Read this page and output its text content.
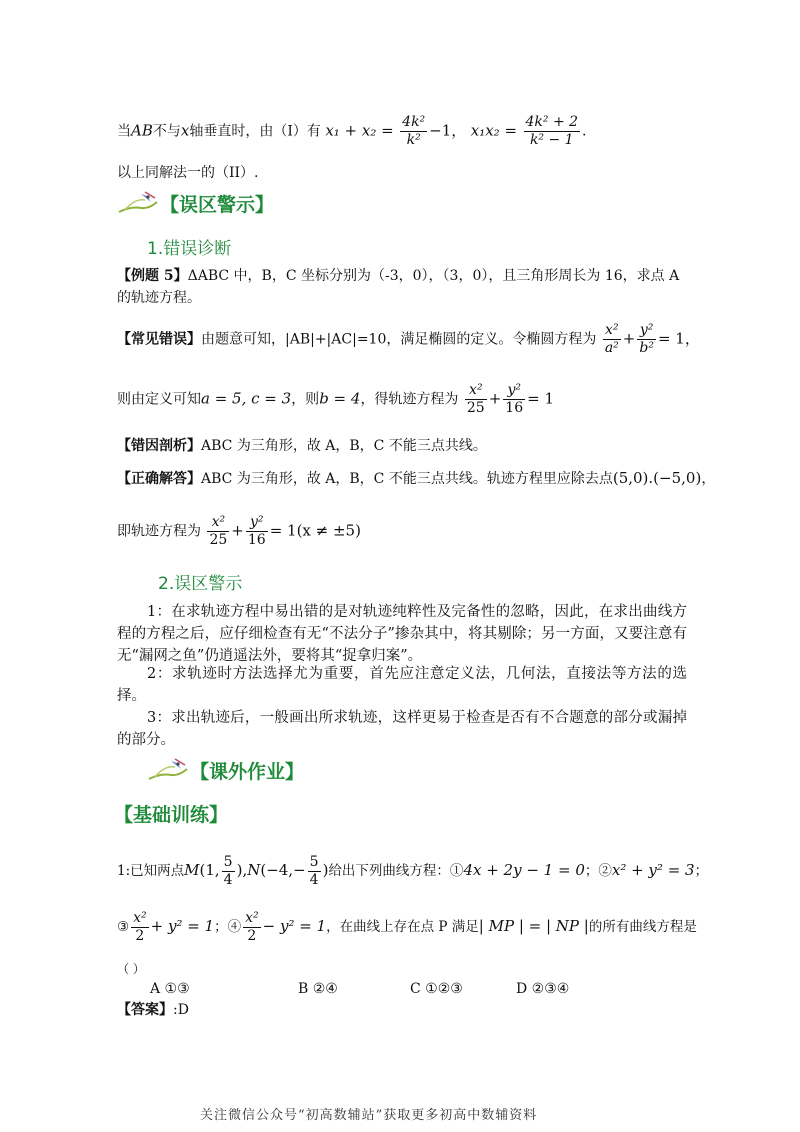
当AB不与x轴垂直时，由（I）有 $x_1 + x_2 = \frac{\text{4k²}}{\text{k²}} -1$， $x_1x_2 = \frac{\text{4k² + 2}}{\text{k² − 1}}$ .
以上同解法一的（II）.
【误区警示】
1.错误诊断
【例题 5】ΔABC 中，B，C 坐标分别为（-3，0），（3，0），且三角形周长为 16，求点 A
的轨迹方程。
【常见错误】由题意可知，|AB|+|AC|=10，满足椭圆的定义。令椭圆方程为 $\frac{\text{x²}}{\text{a²}} + \frac{\text{y²}}{\text{b²}} = 1$，
则由定义可知a = 5, c = 3，则b = 4，得轨迹方程为 $\frac{\text{x²}}{25} + \frac{\text{y²}}{16} = 1$
【错因剖析】ABC 为三角形，故 A，B，C 不能三点共线。
【正确解答】ABC 为三角形，故 A，B，C 不能三点共线。轨迹方程里应除去点(5,0).(−5,0)，
即轨迹方程为 $\frac{\text{x²}}{25} + \frac{\text{y²}}{16} = 1(x \ne \pm 5)$
2.误区警示
1：在求轨迹方程中易出错的是对轨迹纯粹性及完备性的忽略，因此，在求出曲线方程的方程之后，应仔细检查有无“不法分子”掺杂其中，将其剔除；另一方面，又要注意有无“漏网之鱼”仍逍遥法外，要将其“捉拿归案”。
2：求轨迹时方法选择尤为重要，首先应注意定义法，几何法，直接法等方法的选择。
3：求出轨迹后，一般画出所求轨迹，这样更易于检查是否有不合题意的部分或漏掉的部分。
【课外作业】
【基础训练】
1:已知两点M(1, $\frac{5}{4} ),N(-4,- \frac{5}{4}$ )给出下列曲线方程：①4x + 2y − 1 = 0；②x² + y² = 3；
③ $\frac{\text{x²}}{2} + y^2 = 1$；④ $\frac{\text{x²}}{2} - y^2 = 1$，在曲线上存在点 P 满足| MP | = | NP |的所有曲线方程是
（ ）
A ①③	B ②④	C ①②③	D ②③④
【答案】:D
关注微信公众号“初高数辅站”获取更多初高中数辅资料
